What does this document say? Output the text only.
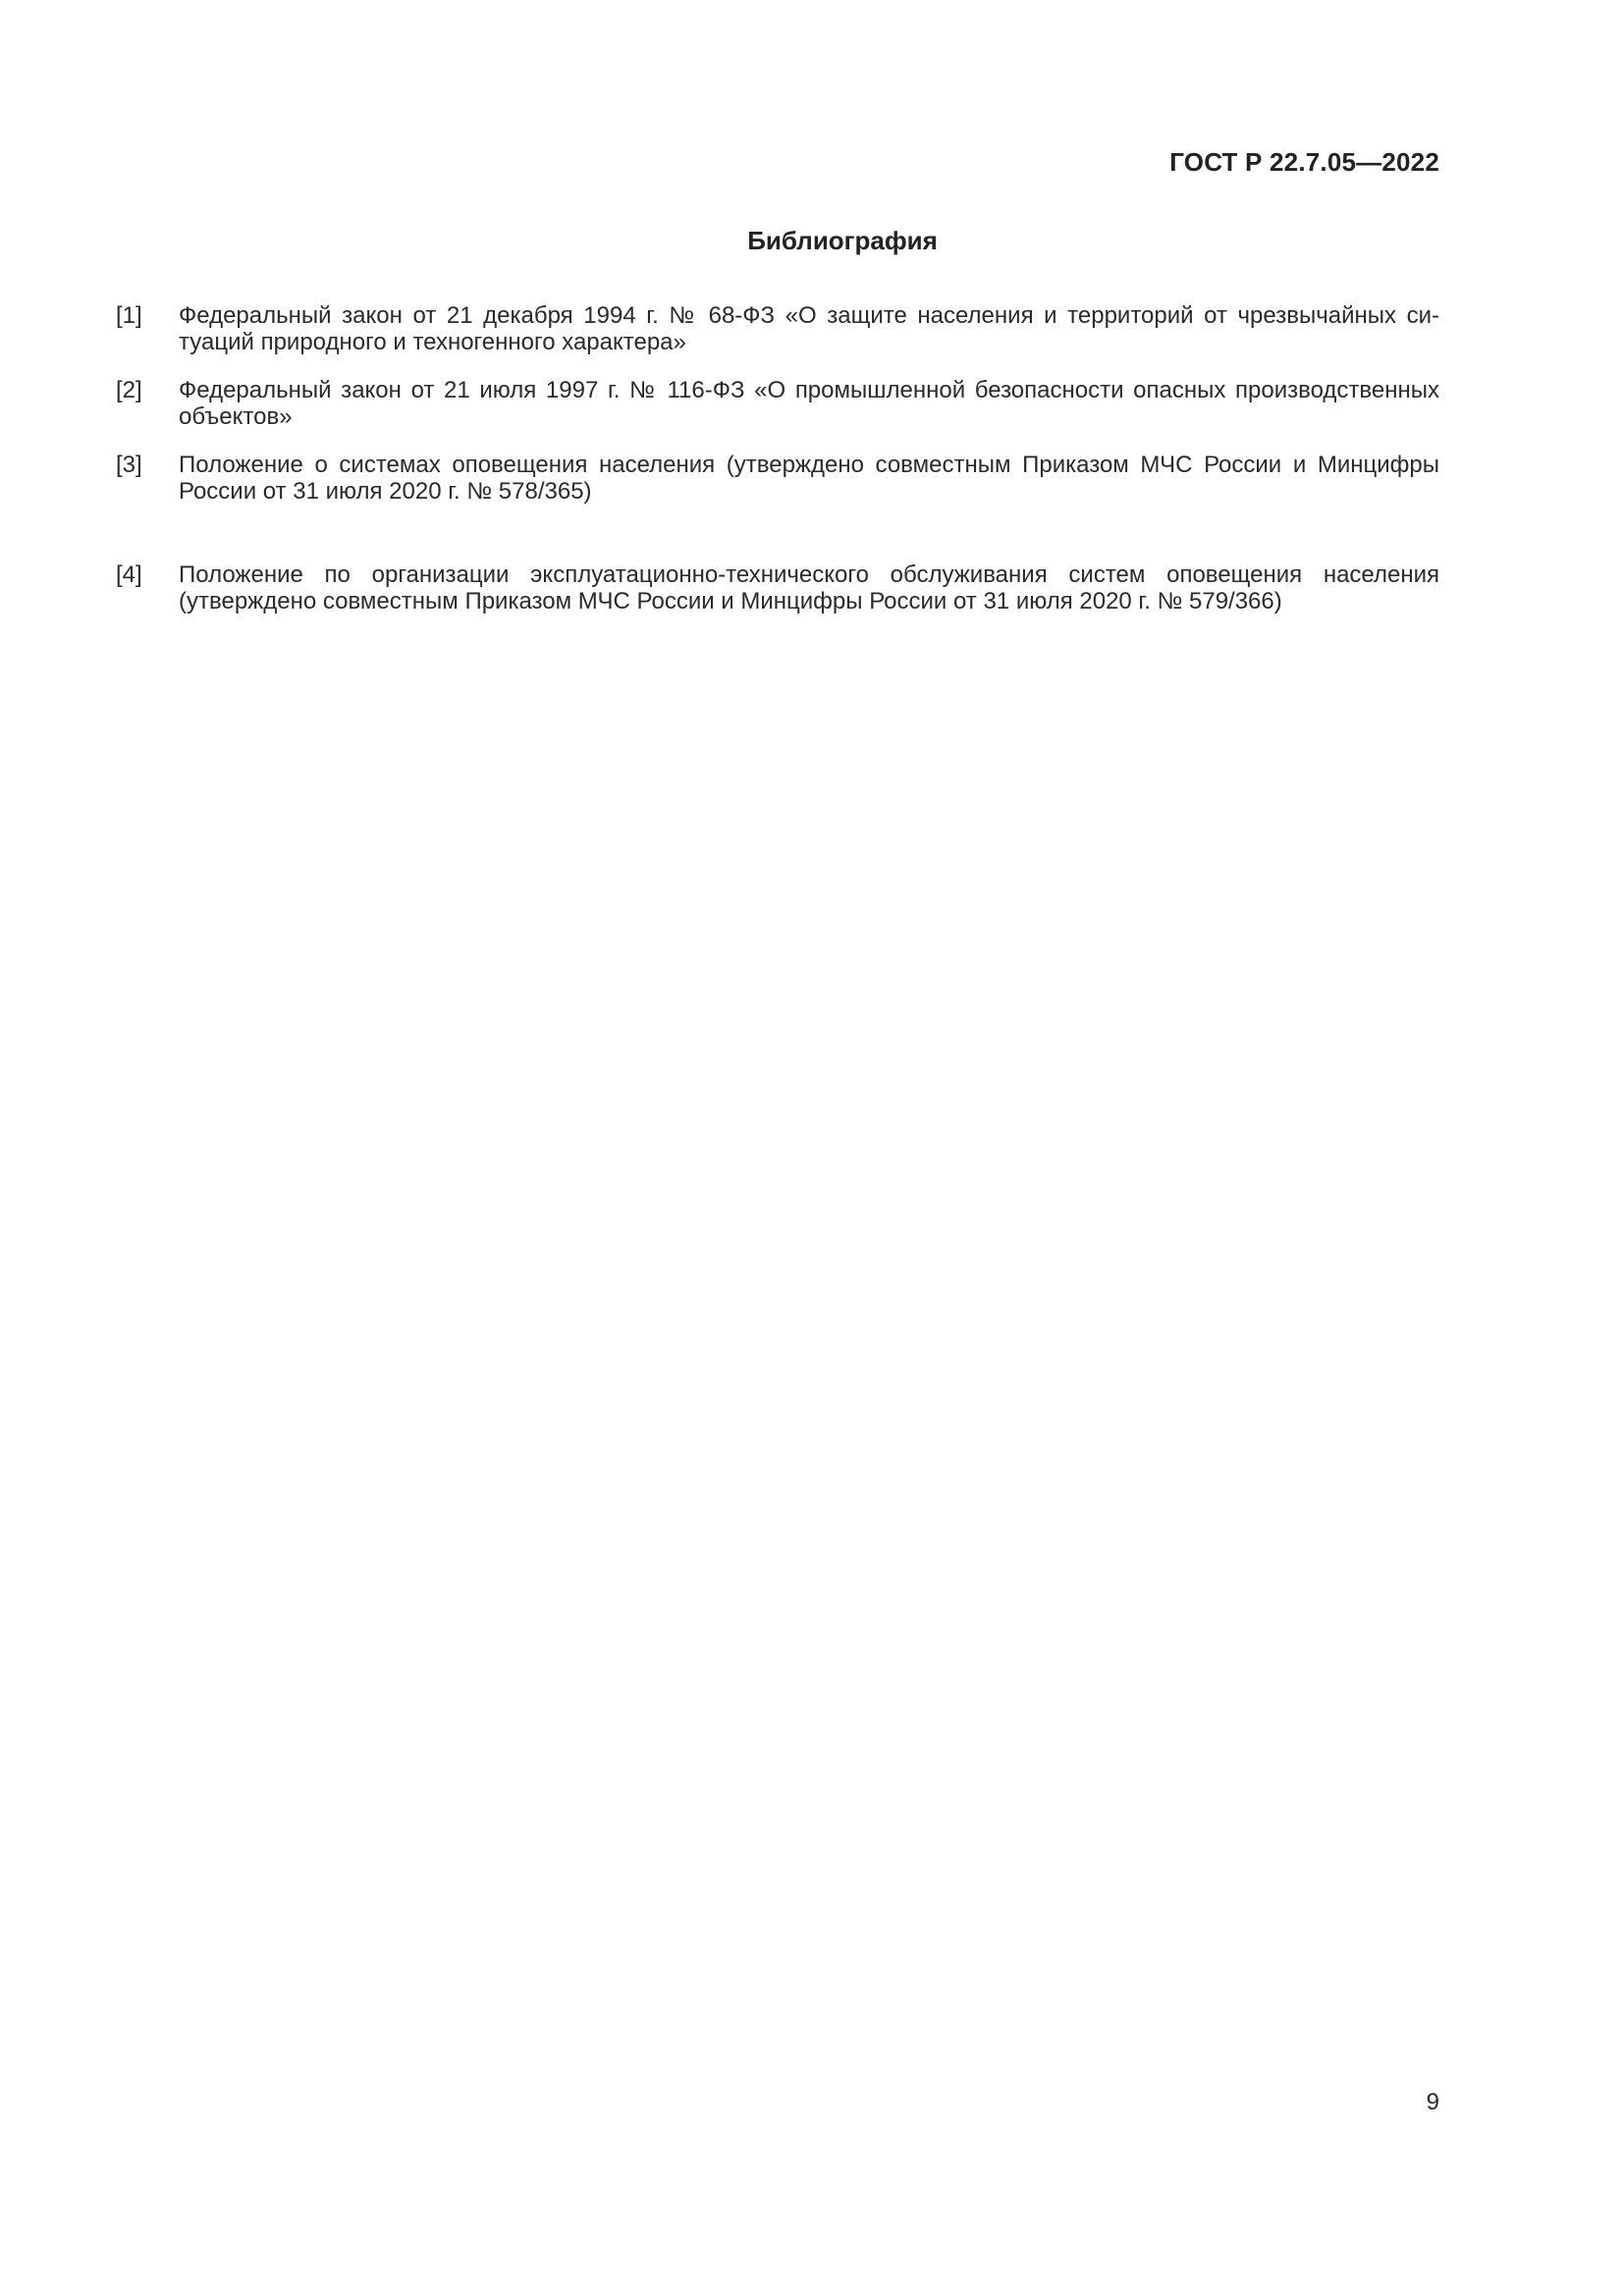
ГОСТ Р 22.7.05—2022
Библиография
[1]	Федеральный закон от 21 декабря 1994 г. № 68-ФЗ «О защите населения и территорий от чрезвычайных ситуаций природного и техногенного характера»
[2]	Федеральный закон от 21 июля 1997 г. № 116-ФЗ «О промышленной безопасности опасных производственных объектов»
[3]	Положение о системах оповещения населения (утверждено совместным Приказом МЧС России и Минцифры России от 31 июля 2020 г. № 578/365)
[4]	Положение по организации эксплуатационно-технического обслуживания систем оповещения населения (утверждено совместным Приказом МЧС России и Минцифры России от 31 июля 2020 г. № 579/366)
9
